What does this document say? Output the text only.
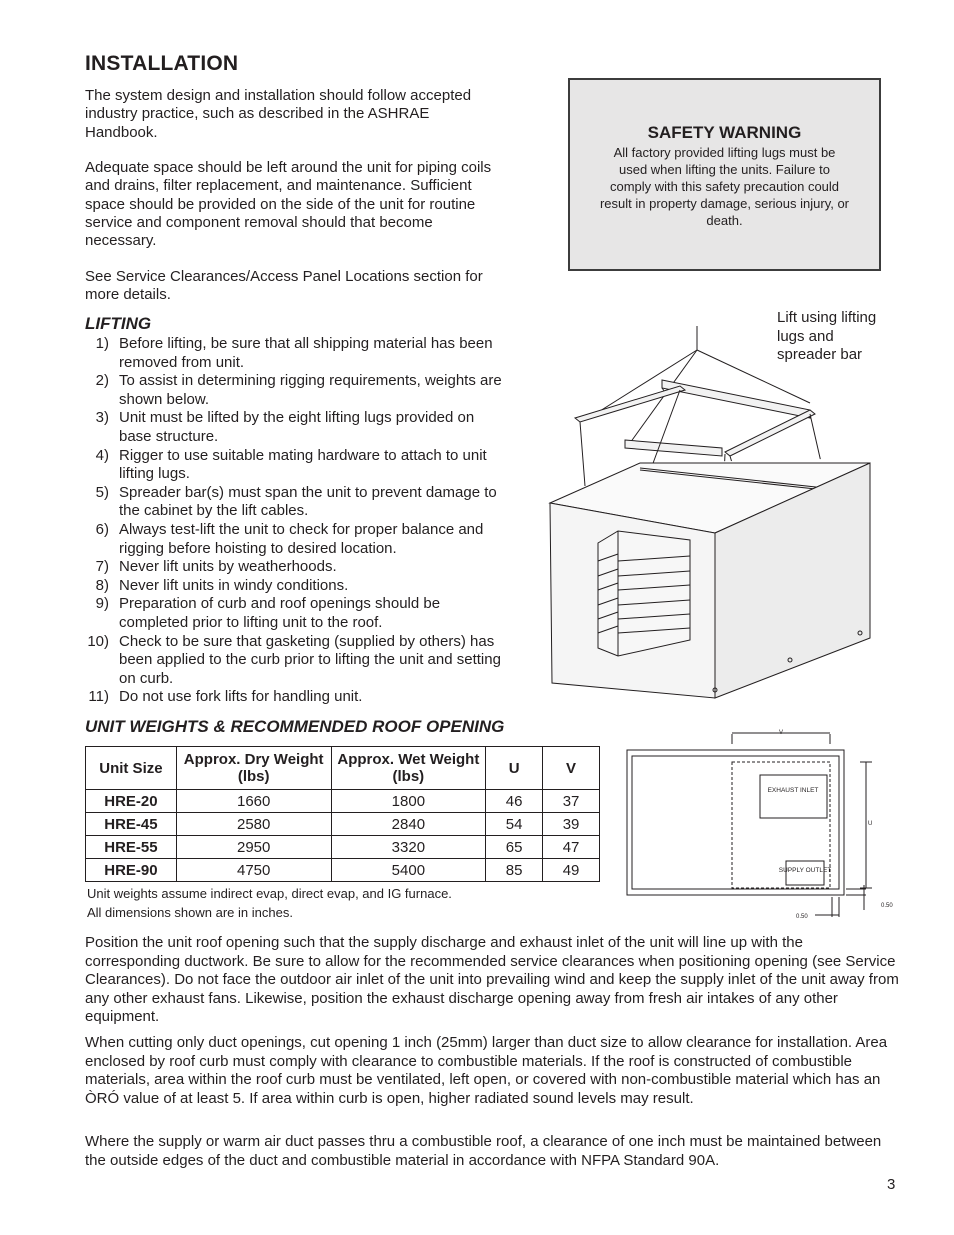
INSTALLATION

The system design and installation should follow accepted industry practice, such as described in the ASHRAE Handbook.

Adequate space should be left around the unit for piping coils and drains, filter replacement, and maintenance. Sufficient space should be provided on the side of the unit for routine service and component removal should that become necessary.

See Service Clearances/Access Panel Locations section for more details.

SAFETY WARNING
All factory provided lifting lugs must be used when lifting the units. Failure to comply with this safety precaution could result in property damage, serious injury, or death.
LIFTING
1) Before lifting, be sure that all shipping material has been removed from unit.
2) To assist in determining rigging requirements, weights are shown below.
3) Unit must be lifted by the eight lifting lugs provided on base structure.
4) Rigger to use suitable mating hardware to attach to unit lifting lugs.
5) Spreader bar(s) must span the unit to prevent damage to the cabinet by the lift cables.
6) Always test-lift the unit to check for proper balance and rigging before hoisting to desired location.
7) Never lift units by weatherhoods.
8) Never lift units in windy conditions.
9) Preparation of curb and roof openings should be completed prior to lifting unit to the roof.
10) Check to be sure that gasketing (supplied by others) has been applied to the curb prior to lifting the unit and setting on curb.
11) Do not use fork lifts for handling unit.
Lift using lifting lugs and spreader bar
UNIT WEIGHTS & RECOMMENDED ROOF OPENING
Unit Size	Approx. Dry Weight (lbs)	Approx. Wet Weight (lbs)	U	V
HRE-20	1660	1800	46	37
HRE-45	2580	2840	54	39
HRE-55	2950	3320	65	47
HRE-90	4750	5400	85	49
Unit weights assume indirect evap, direct evap, and IG furnace.
All dimensions shown are in inches.
EXHAUST INLET
SUPPLY OUTLET
V
U
0.50
0.50

Position the unit roof opening such that the supply discharge and exhaust inlet of the unit will line up with the corresponding ductwork. Be sure to allow for the recommended service clearances when positioning opening (see Service Clearances). Do not face the outdoor air inlet of the unit into prevailing wind and keep the supply inlet of the unit away from any other exhaust fans. Likewise, position the exhaust discharge opening away from fresh air intakes of any other equipment.

When cutting only duct openings, cut opening 1 inch (25mm) larger than duct size to allow clearance for installation. Area enclosed by roof curb must comply with clearance to combustible materials. If the roof is constructed of combustible materials, area within the roof curb must be ventilated, left open, or covered with non-combustible material which has an ÒRÓ value of at least 5. If area within curb is open, higher radiated sound levels may result.

Where the supply or warm air duct passes thru a combustible roof, a clearance of one inch must be maintained between the outside edges of the duct and combustible material in accordance with NFPA Standard 90A.

3
